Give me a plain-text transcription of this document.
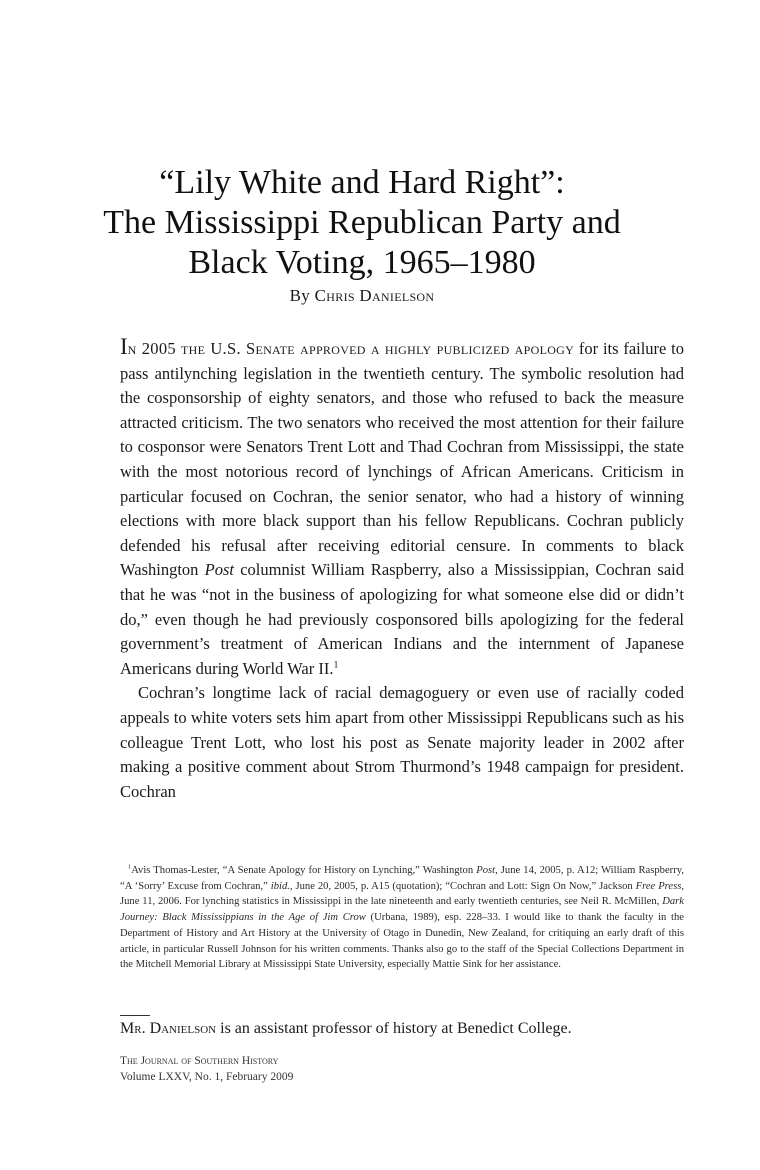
“Lily White and Hard Right”:
The Mississippi Republican Party and
Black Voting, 1965–1980
By Chris Danielson

In 2005 the U.S. Senate approved a highly publicized apology for its failure to pass antilynching legislation in the twentieth century. The symbolic resolution had the cosponsorship of eighty senators, and those who refused to back the measure attracted criticism. The two senators who received the most attention for their failure to cosponsor were Senators Trent Lott and Thad Cochran from Mississippi, the state with the most notorious record of lynchings of African Americans. Criticism in particular focused on Cochran, the senior senator, who had a history of winning elections with more black support than his fellow Republicans. Cochran publicly defended his refusal after receiving editorial censure. In comments to black Washington Post columnist William Raspberry, also a Mississippian, Cochran said that he was “not in the business of apologizing for what someone else did or didn’t do,” even though he had previously cosponsored bills apologizing for the federal government’s treatment of American Indians and the internment of Japanese Americans during World War II.$^1$

Cochran’s longtime lack of racial demagoguery or even use of racially coded appeals to white voters sets him apart from other Mississippi Republicans such as his colleague Trent Lott, who lost his post as Senate majority leader in 2002 after making a positive comment about Strom Thurmond’s 1948 campaign for president. Cochran

$^1$Avis Thomas-Lester, “A Senate Apology for History on Lynching,” Washington Post, June 14, 2005, p. A12; William Raspberry, “A ‘Sorry’ Excuse from Cochran,” ibid., June 20, 2005, p. A15 (quotation); “Cochran and Lott: Sign On Now,” Jackson Free Press, June 11, 2006. For lynching statistics in Mississippi in the late nineteenth and early twentieth centuries, see Neil R. McMillen, Dark Journey: Black Mississippians in the Age of Jim Crow (Urbana, 1989), esp. 228–33. I would like to thank the faculty in the Department of History and Art History at the University of Otago in Dunedin, New Zealand, for critiquing an early draft of this article, in particular Russell Johnson for his written comments. Thanks also go to the staff of the Special Collections Department in the Mitchell Memorial Library at Mississippi State University, especially Mattie Sink for her assistance.

Mr. Danielson is an assistant professor of history at Benedict College.
The Journal of Southern History
Volume LXXV, No. 1, February 2009
